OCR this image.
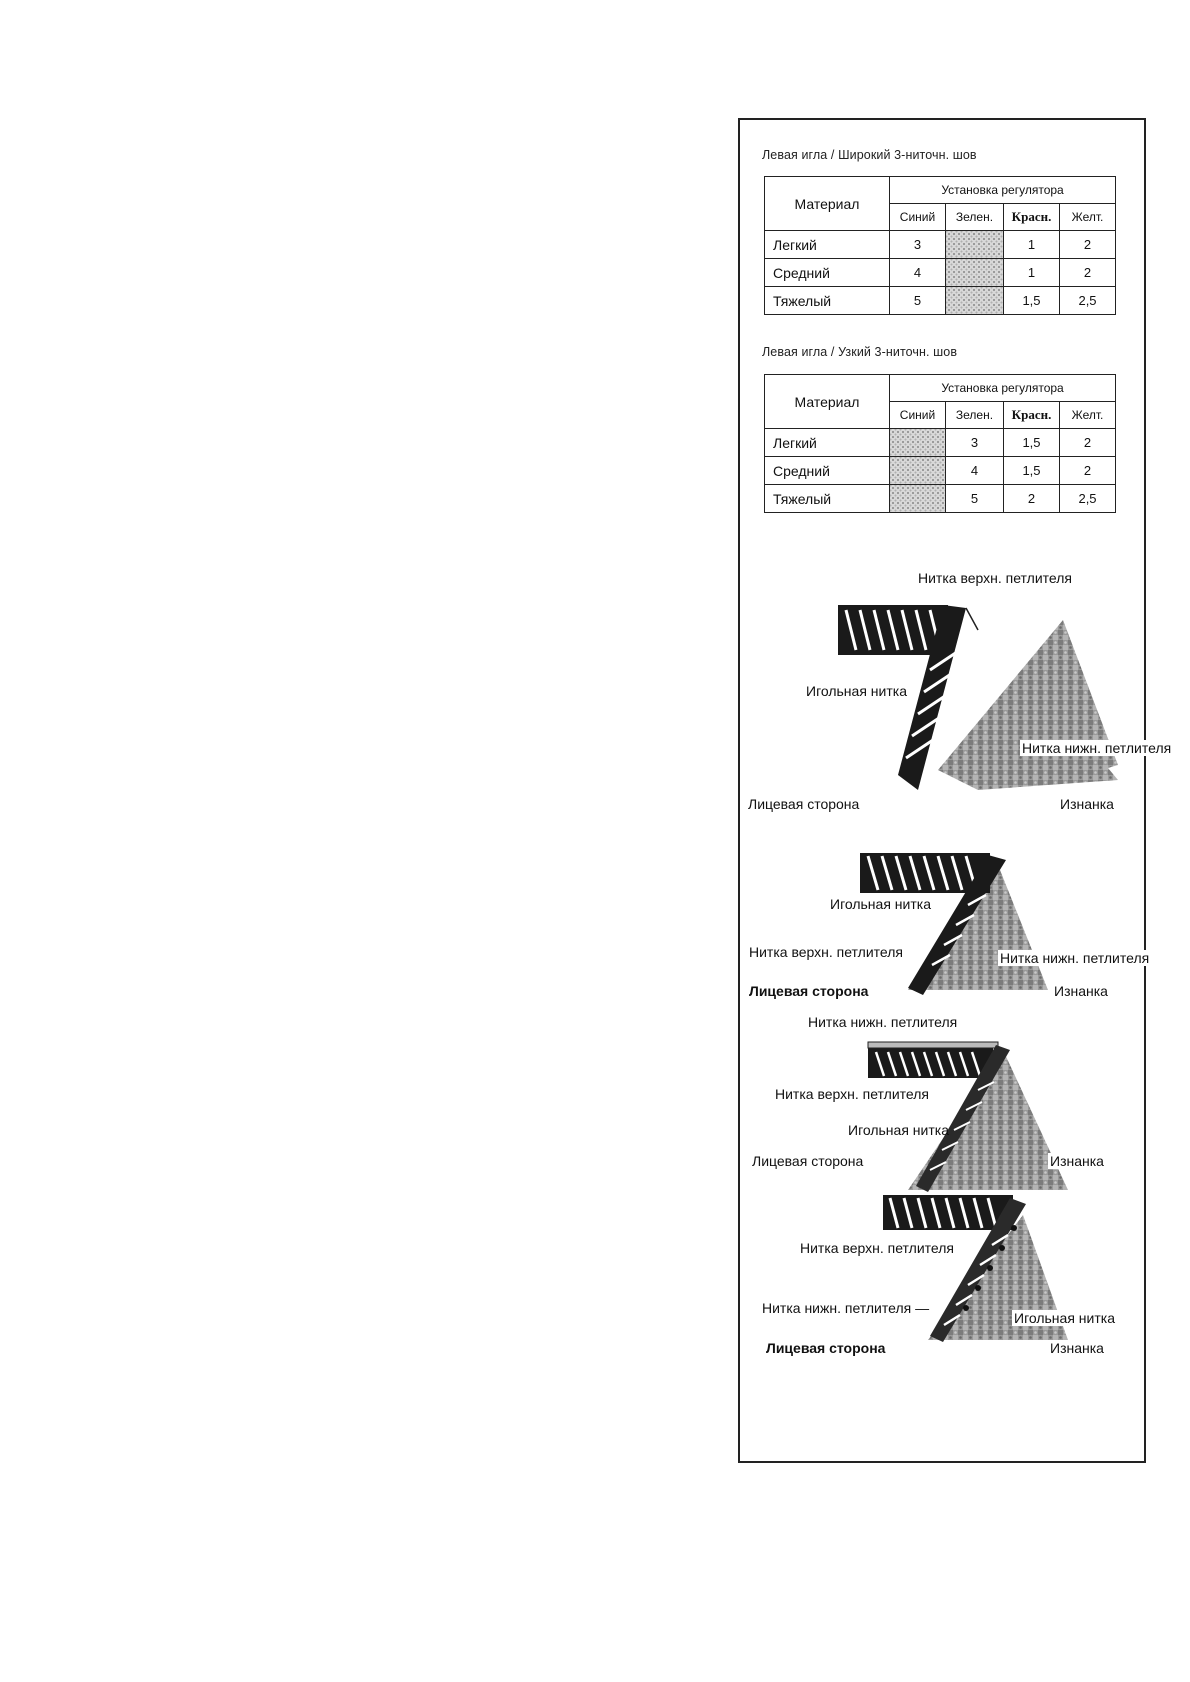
Левая игла / Широкий 3-ниточн. шов
Материал	Установка регулятора			
	Синий	Зелен.	Красн.	Желт.
Легкий	3		1	2
Средний	4		1	2
Тяжелый	5		1,5	2,5
Левая игла / Узкий 3-ниточн. шов
Материал	Установка регулятора			
	Синий	Зелен.	Красн.	Желт.
Легкий		3	1,5	2
Средний		4	1,5	2
Тяжелый		5	2	2,5
Нитка верхн. петлителя
Игольная нитка
Нитка нижн. петлителя
Лицевая сторона	Изнанка
Игольная нитка
Нитка верхн. петлителя	Нитка нижн. петлителя
Лицевая сторона	Изнанка
Нитка нижн. петлителя
Нитка верхн. петлителя
Игольная нитка
Лицевая сторона	Изнанка
Нитка верхн. петлителя
Нитка нижн. петлителя —
Игольная нитка
Лицевая сторона	Изнанка
